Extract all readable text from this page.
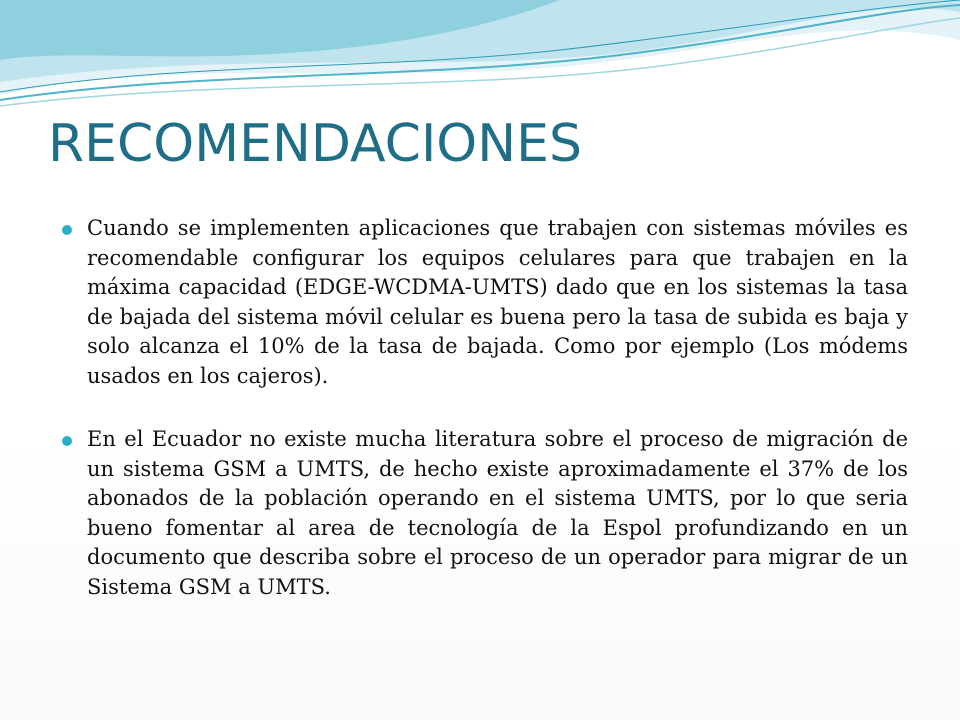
RECOMENDACIONES

Cuando se implementen aplicaciones que trabajen con sistemas móviles es recomendable configurar los equipos celulares para que trabajen en la máxima capacidad (EDGE-WCDMA-UMTS) dado que en los sistemas la tasa de bajada del sistema móvil celular es buena pero la tasa de subida es baja y solo alcanza el 10% de la tasa de bajada. Como por ejemplo (Los módems usados en los cajeros).

En el Ecuador no existe mucha literatura sobre el proceso de migración de un sistema GSM a UMTS, de hecho existe aproximadamente el 37% de los abonados de la población operando en el sistema UMTS, por lo que seria bueno fomentar al area de tecnología de la Espol profundizando en un documento que describa sobre el proceso de un operador para migrar de un Sistema GSM a UMTS.
